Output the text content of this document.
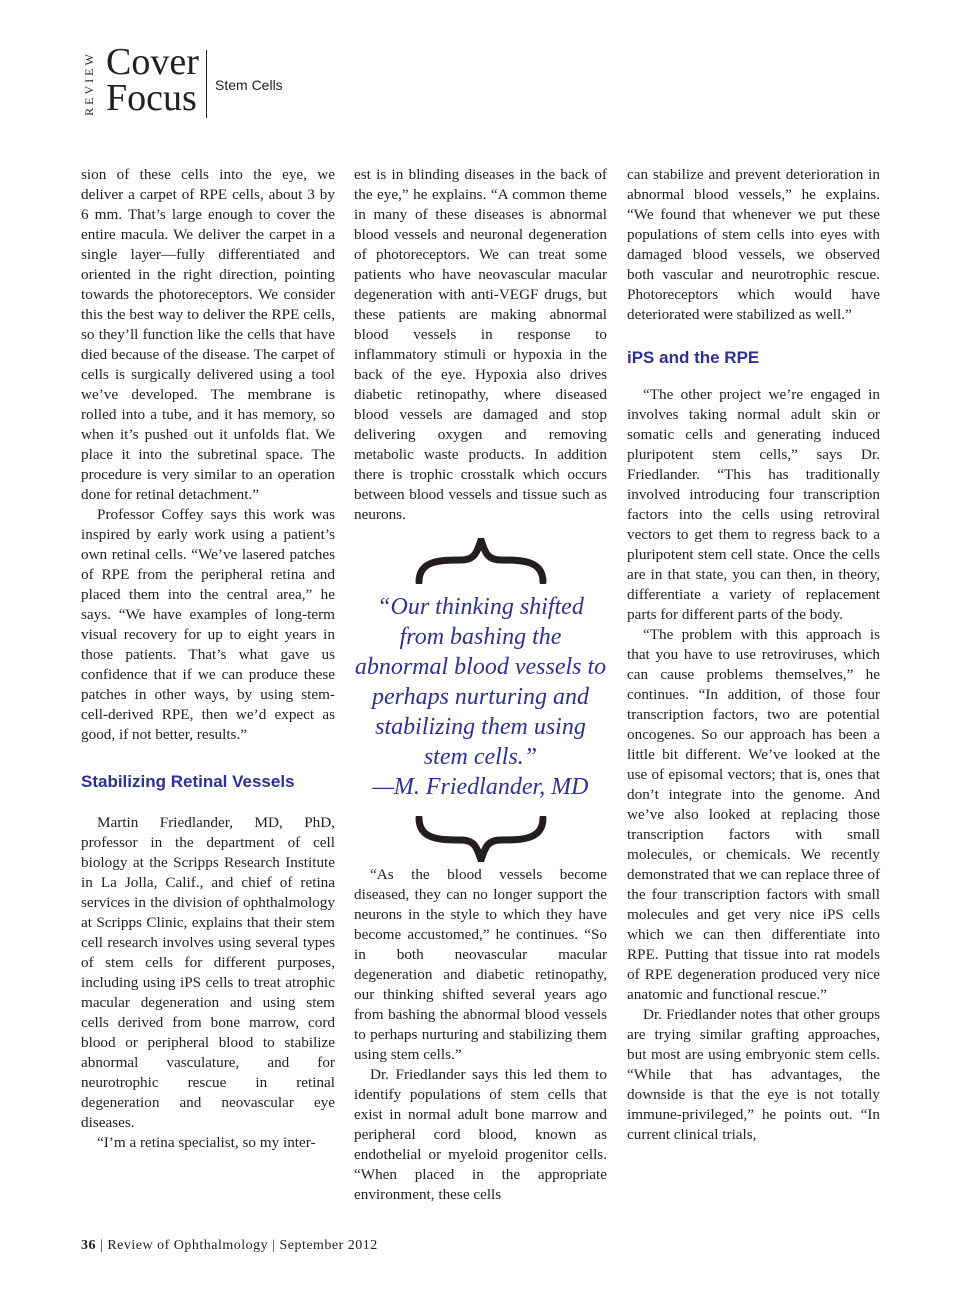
REVIEW Cover
Focus	Stem Cells

sion of these cells into the eye, we deliver a carpet of RPE cells, about 3 by 6 mm. That’s large enough to cover the entire macula. We deliver the carpet in a single layer—fully differentiated and oriented in the right direction, pointing towards the photoreceptors. We consider this the best way to deliver the RPE cells, so they’ll function like the cells that have died because of the disease. The carpet of cells is surgically delivered using a tool we’ve developed. The membrane is rolled into a tube, and it has memory, so when it’s pushed out it unfolds flat. We place it into the subretinal space. The procedure is very similar to an operation done for retinal detachment.”

Professor Coffey says this work was inspired by early work using a patient’s own retinal cells. “We’ve lasered patches of RPE from the peripheral retina and placed them into the central area,” he says. “We have examples of long-term visual recovery for up to eight years in those patients. That’s what gave us confidence that if we can produce these patches in other ways, by using stem-cell-derived RPE, then we’d expect as good, if not better, results.”

Stabilizing Retinal Vessels

Martin Friedlander, MD, PhD, professor in the department of cell biology at the Scripps Research Institute in La Jolla, Calif., and chief of retina services in the division of ophthalmology at Scripps Clinic, explains that their stem cell research involves using several types of stem cells for different purposes, including using iPS cells to treat atrophic macular degeneration and using stem cells derived from bone marrow, cord blood or peripheral blood to stabilize abnormal vasculature, and for neurotrophic rescue in retinal degeneration and neovascular eye diseases.

“I’m a retina specialist, so my inter-

est is in blinding diseases in the back of the eye,” he explains. “A common theme in many of these diseases is abnormal blood vessels and neuronal degeneration of photoreceptors. We can treat some patients who have neovascular macular degeneration with anti-VEGF drugs, but these patients are making abnormal blood vessels in response to inflammatory stimuli or hypoxia in the back of the eye. Hypoxia also drives diabetic retinopathy, where diseased blood vessels are damaged and stop delivering oxygen and removing metabolic waste products. In addition there is trophic crosstalk which occurs between blood vessels and tissue such as neurons.

“Our thinking shifted from bashing the abnormal blood vessels to perhaps nurturing and stabilizing them using stem cells.”
—M. Friedlander, MD

“As the blood vessels become diseased, they can no longer support the neurons in the style to which they have become accustomed,” he continues. “So in both neovascular macular degeneration and diabetic retinopathy, our thinking shifted several years ago from bashing the abnormal blood vessels to perhaps nurturing and stabilizing them using stem cells.”

Dr. Friedlander says this led them to identify populations of stem cells that exist in normal adult bone marrow and peripheral cord blood, known as endothelial or myeloid progenitor cells. “When placed in the appropriate environment, these cells

can stabilize and prevent deterioration in abnormal blood vessels,” he explains. “We found that whenever we put these populations of stem cells into eyes with damaged blood vessels, we observed both vascular and neurotrophic rescue. Photoreceptors which would have deteriorated were stabilized as well.”

iPS and the RPE

“The other project we’re engaged in involves taking normal adult skin or somatic cells and generating induced pluripotent stem cells,” says Dr. Friedlander. “This has traditionally involved introducing four transcription factors into the cells using retroviral vectors to get them to regress back to a pluripotent stem cell state. Once the cells are in that state, you can then, in theory, differentiate a variety of replacement parts for different parts of the body.

“The problem with this approach is that you have to use retroviruses, which can cause problems themselves,” he continues. “In addition, of those four transcription factors, two are potential oncogenes. So our approach has been a little bit different. We’ve looked at the use of episomal vectors; that is, ones that don’t integrate into the genome. And we’ve also looked at replacing those transcription factors with small molecules, or chemicals. We recently demonstrated that we can replace three of the four transcription factors with small molecules and get very nice iPS cells which we can then differentiate into RPE. Putting that tissue into rat models of RPE degeneration produced very nice anatomic and functional rescue.”

Dr. Friedlander notes that other groups are trying similar grafting approaches, but most are using embryonic stem cells. “While that has advantages, the downside is that the eye is not totally immune-privileged,” he points out. “In current clinical trials,

36 | Review of Ophthalmology | September 2012
